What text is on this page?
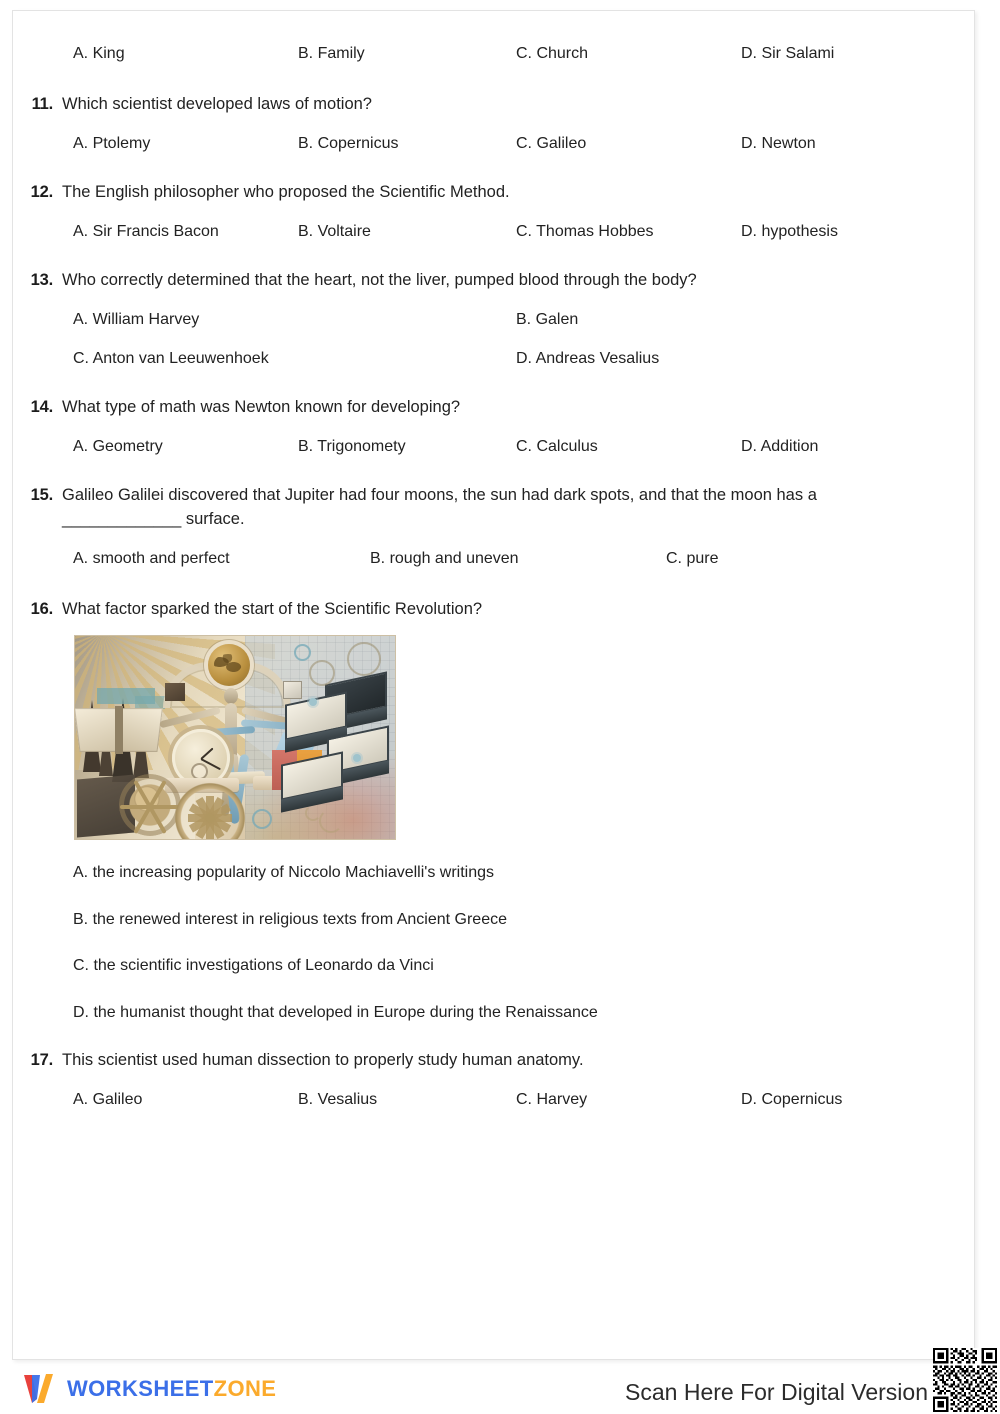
A. King	B. Family	C. Church	D. Sir Salami
11. Which scientist developed laws of motion?
A. Ptolemy	B. Copernicus	C. Galileo	D. Newton
12. The English philosopher who proposed the Scientific Method.
A. Sir Francis Bacon	B. Voltaire	C. Thomas Hobbes	D. hypothesis
13. Who correctly determined that the heart, not the liver, pumped blood through the body?
A. William Harvey	B. Galen
C. Anton van Leeuwenhoek	D. Andreas Vesalius
14. What type of math was Newton known for developing?
A. Geometry	B. Trigonomety	C. Calculus	D. Addition
15. Galileo Galilei discovered that Jupiter had four moons, the sun had dark spots, and that the moon has a _____________ surface.
A. smooth and perfect	B. rough and uneven	C. pure
16. What factor sparked the start of the Scientific Revolution?
A. the increasing popularity of Niccolo Machiavelli's writings
B. the renewed interest in religious texts from Ancient Greece
C. the scientific investigations of Leonardo da Vinci
D. the humanist thought that developed in Europe during the Renaissance
17. This scientist used human dissection to properly study human anatomy.
A. Galileo	B. Vesalius	C. Harvey	D. Copernicus
WORKSHEETZONE	Scan Here For Digital Version
